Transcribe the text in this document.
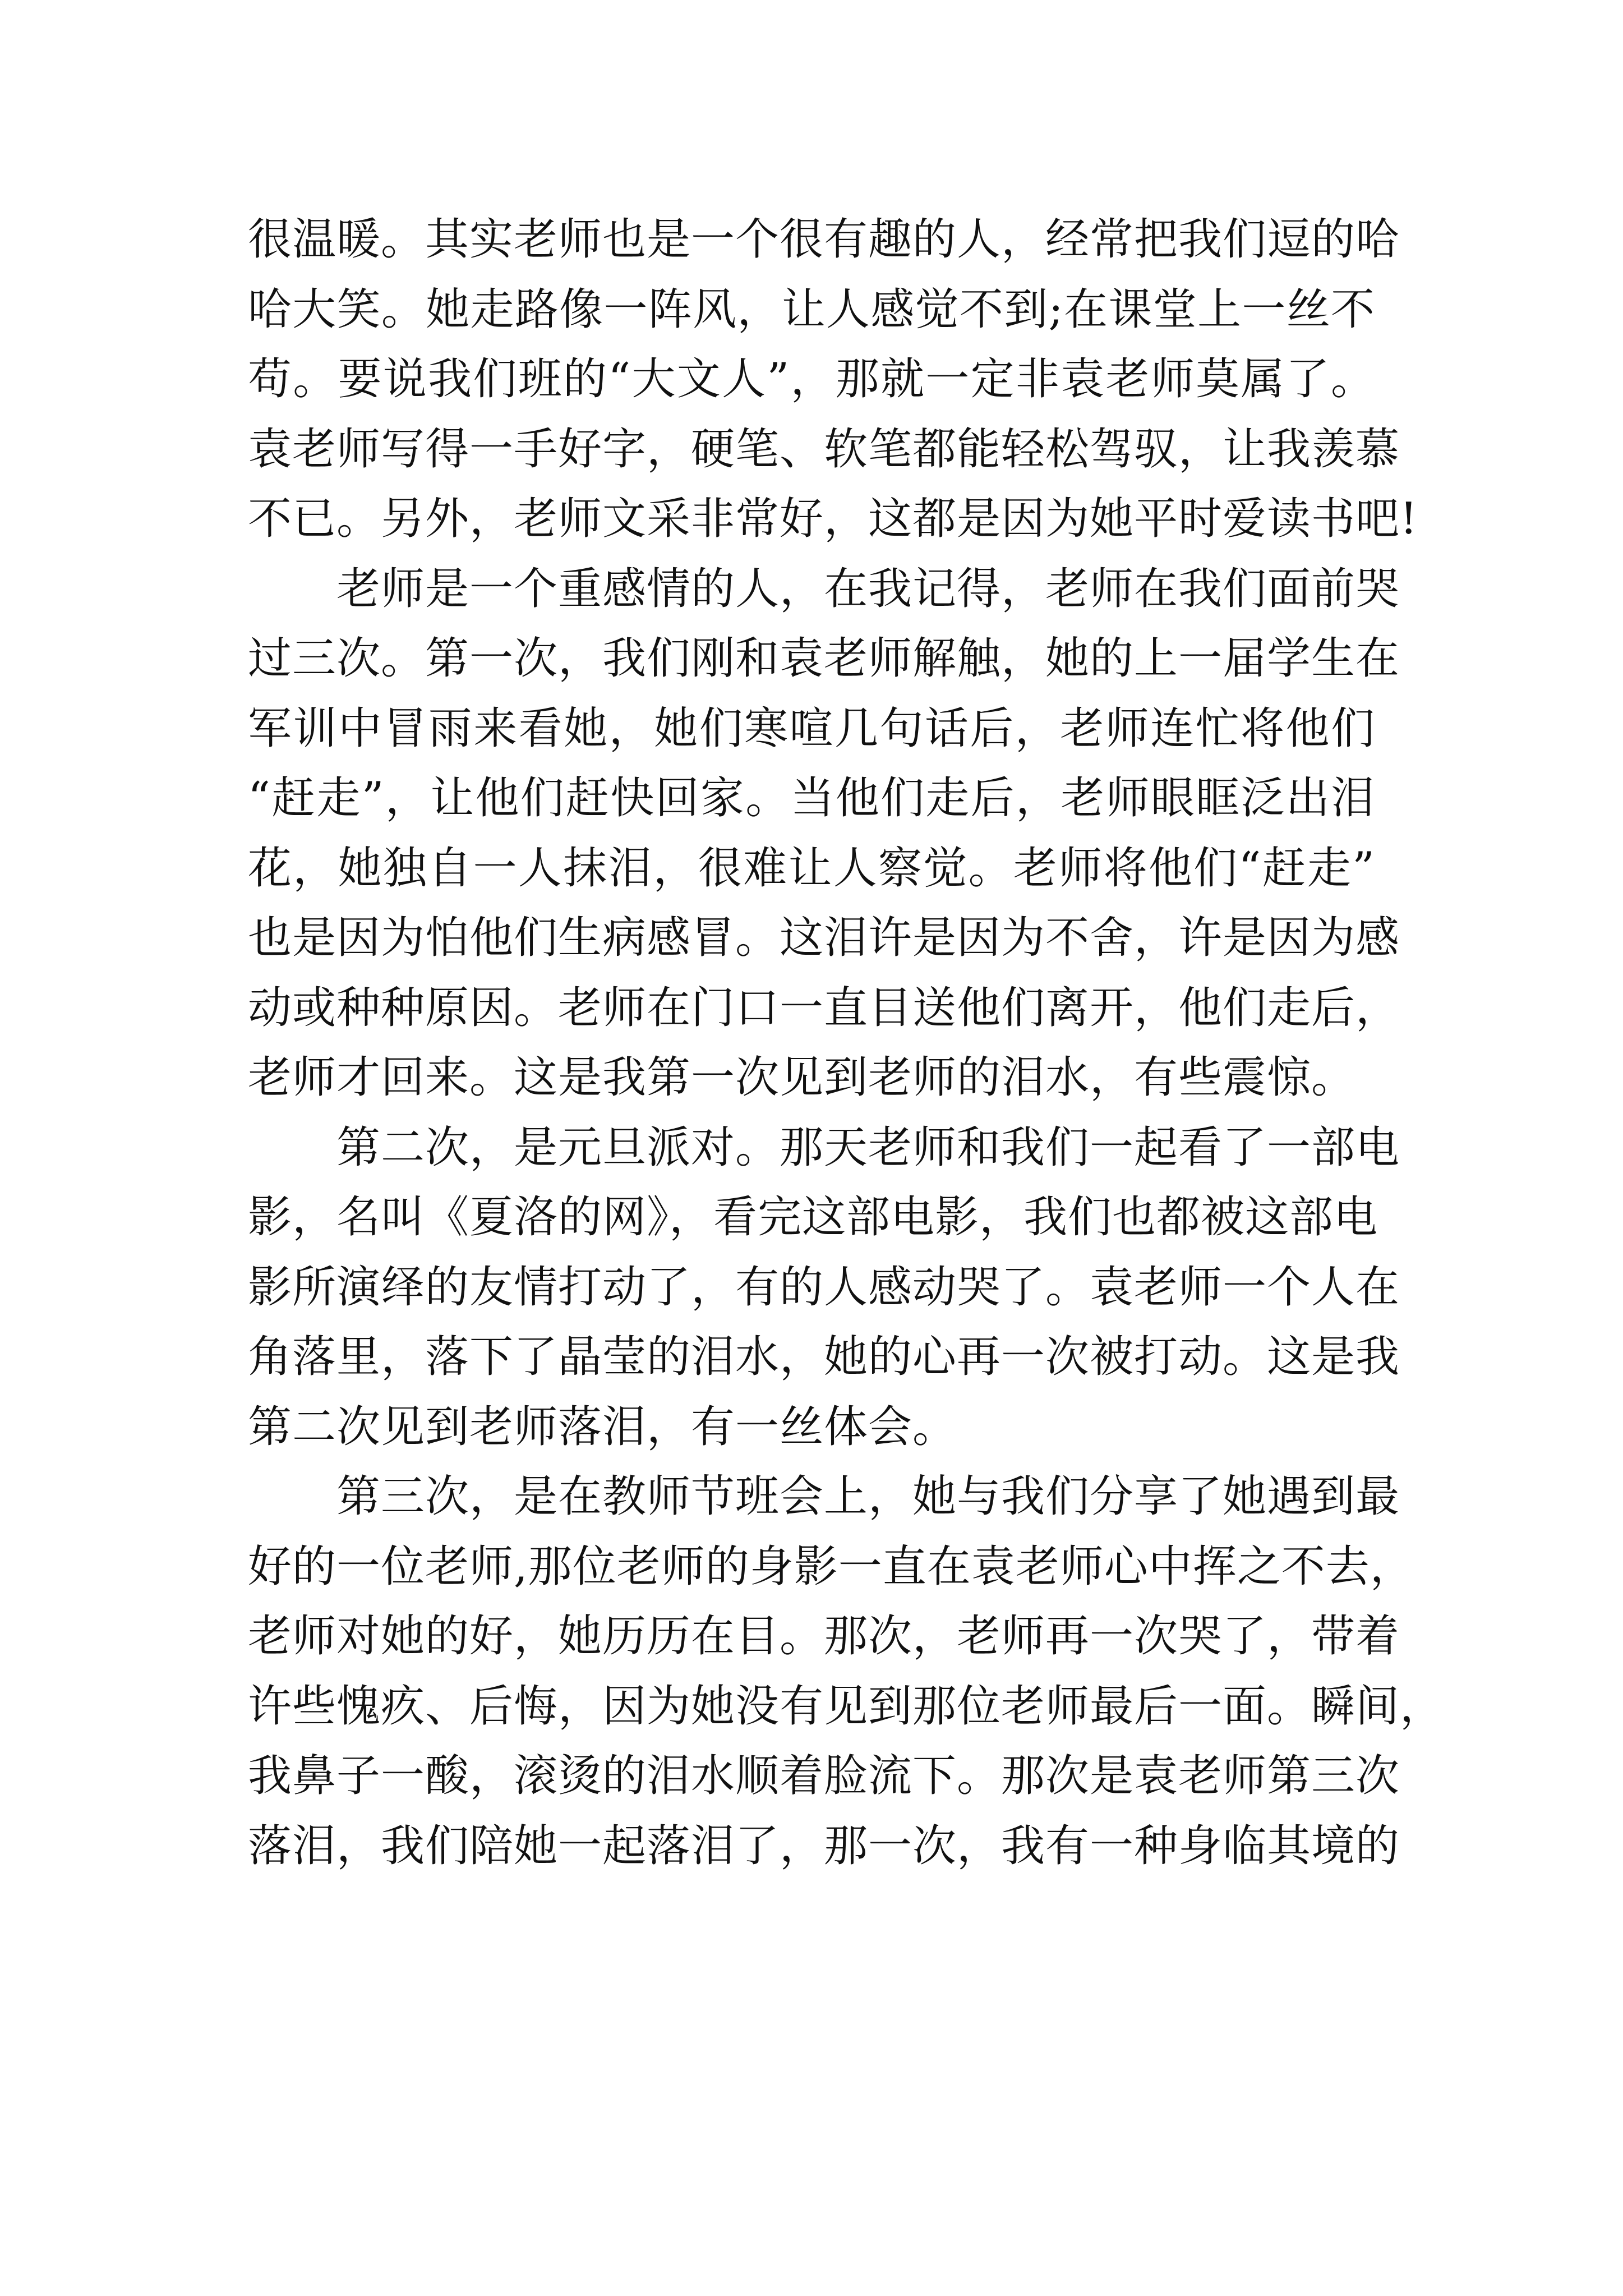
很温暖。其实老师也是一个很有趣的人，经常把我们逗的哈
哈大笑。她走路像一阵风，让人感觉不到;在课堂上一丝不
苟。要说我们班的“大文人”，那就一定非袁老师莫属了。
袁老师写得一手好字，硬笔、软笔都能轻松驾驭，让我羡慕
不已。另外，老师文采非常好，这都是因为她平时爱读书吧!
老师是一个重感情的人，在我记得，老师在我们面前哭
过三次。第一次，我们刚和袁老师解触，她的上一届学生在
军训中冒雨来看她，她们寒喧几句话后，老师连忙将他们
“赶走”，让他们赶快回家。当他们走后，老师眼眶泛出泪
花，她独自一人抹泪，很难让人察觉。老师将他们“赶走”
也是因为怕他们生病感冒。这泪许是因为不舍，许是因为感
动或种种原因。老师在门口一直目送他们离开，他们走后，
老师才回来。这是我第一次见到老师的泪水，有些震惊。
第二次，是元旦派对。那天老师和我们一起看了一部电
影，名叫《夏洛的网》，看完这部电影，我们也都被这部电
影所演绎的友情打动了，有的人感动哭了。袁老师一个人在
角落里，落下了晶莹的泪水，她的心再一次被打动。这是我
第二次见到老师落泪，有一丝体会。
第三次，是在教师节班会上，她与我们分享了她遇到最
好的一位老师,那位老师的身影一直在袁老师心中挥之不去，
老师对她的好，她历历在目。那次，老师再一次哭了，带着
许些愧疚、后悔，因为她没有见到那位老师最后一面。瞬间，
我鼻子一酸，滚烫的泪水顺着脸流下。那次是袁老师第三次
落泪，我们陪她一起落泪了，那一次，我有一种身临其境的
